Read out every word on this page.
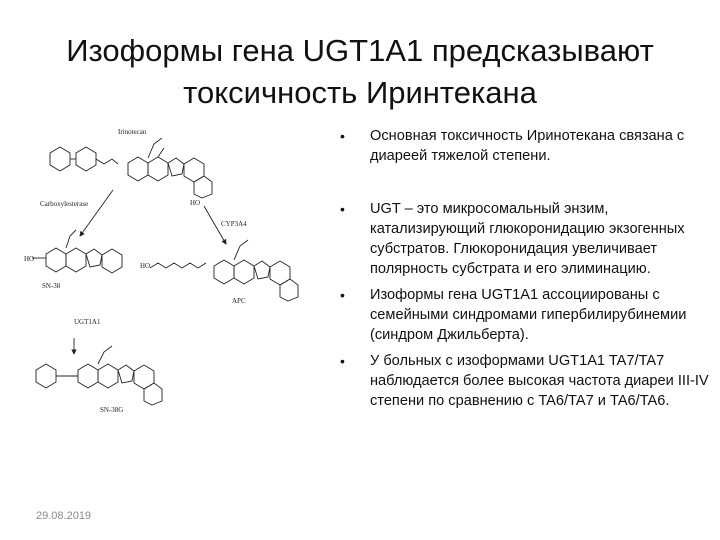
Изоформы гена UGT1A1 предсказывают
токсичность Иринтекана
Irinotecan
HO
Carboxylesterase
CYP3A4
HO
SN-38
HO
APC
UGT1A1
SN-38G
• Основная токсичность Иринотекана связана с диареей тяжелой степени.
• UGT – это микросомальный энзим, катализирующий глюкоронидацию экзогенных субстратов. Глюкоронидация увеличивает полярность субстрата и его элиминацию.
• Изоформы гена UGT1A1 ассоциированы с семейными синдромами гипербилирубинемии (синдром Джильберта).
• У больных с изоформами UGT1A1 TA7/TA7 наблюдается более высокая частота диареи III-IV степени по сравнению с TA6/TA7 и TA6/TA6.
29.08.2019
